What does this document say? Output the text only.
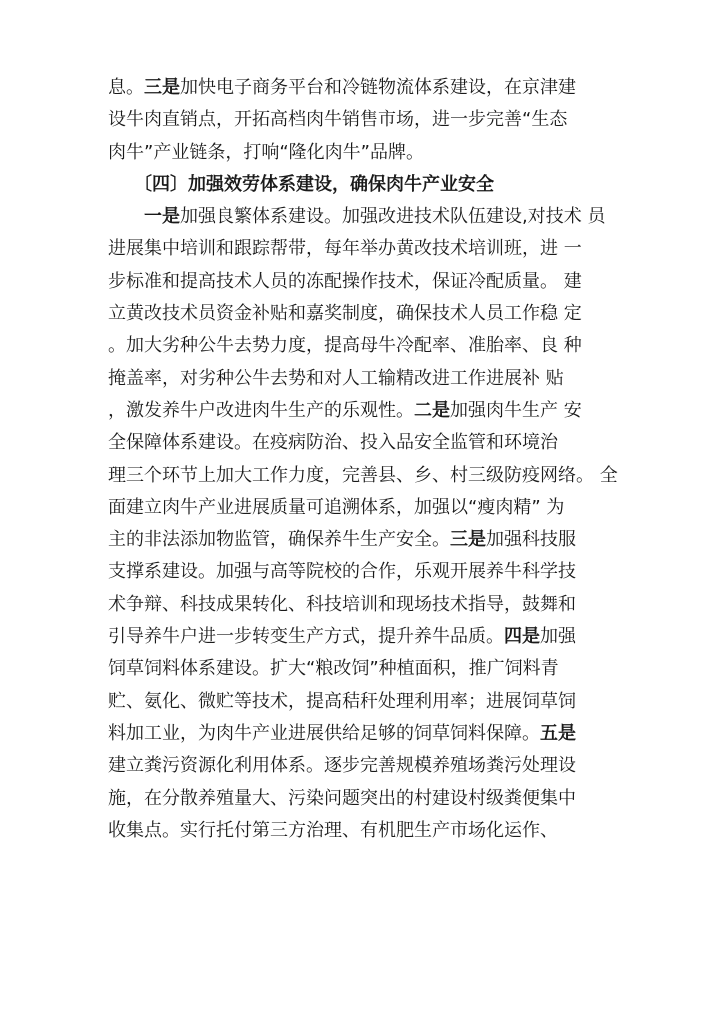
息。三是加快电子商务平台和冷链物流体系建设，在京津建
设牛肉直销点，开拓高档肉牛销售市场，进一步完善“生态
肉牛”产业链条，打响“隆化肉牛”品牌。
〔四〕加强效劳体系建设，确保肉牛产业安全
一是加强良繁体系建设。加强改进技术队伍建设,对技术 员
进展集中培训和跟踪帮带，每年举办黄改技术培训班，进 一
步标准和提高技术人员的冻配操作技术，保证冷配质量。 建
立黄改技术员资金补贴和嘉奖制度，确保技术人员工作稳 定
。加大劣种公牛去势力度，提高母牛冷配率、准胎率、良 种
掩盖率，对劣种公牛去势和对人工输精改进工作进展补 贴
，激发养牛户改进肉牛生产的乐观性。二是加强肉牛生产 安
全保障体系建设。在疫病防治、投入品安全监管和环境治
理三个环节上加大工作力度，完善县、乡、村三级防疫网络。 全
面建立肉牛产业进展质量可追溯体系，加强以“瘦肉精” 为
主的非法添加物监管，确保养牛生产安全。三是加强科技服
支撑系建设。加强与高等院校的合作，乐观开展养牛科学技
术争辩、科技成果转化、科技培训和现场技术指导，鼓舞和
引导养牛户进一步转变生产方式，提升养牛品质。四是加强
饲草饲料体系建设。扩大“粮改饲”种植面积，推广饲料青
贮、氨化、微贮等技术，提高秸秆处理利用率；进展饲草饲
料加工业，为肉牛产业进展供给足够的饲草饲料保障。五是
建立粪污资源化利用体系。逐步完善规模养殖场粪污处理设
施，在分散养殖量大、污染问题突出的村建设村级粪便集中
收集点。实行托付第三方治理、有机肥生产市场化运作、
